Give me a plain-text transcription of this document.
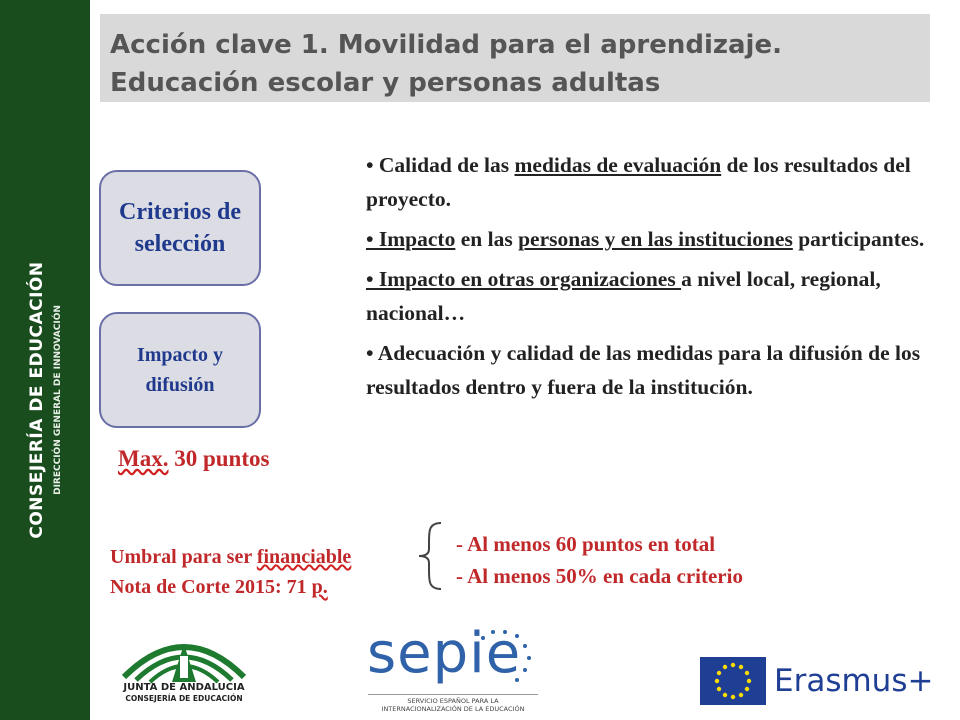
CONSEJERÍA DE EDUCACIÓN DIRECCIÓN GENERAL DE INNOVACIÓN
Acción clave 1. Movilidad para el aprendizaje. Educación escolar y personas adultas
Criterios de selección
Impacto y difusión
• Calidad de las medidas de evaluación de los resultados del proyecto.
• Impacto en las personas y en las instituciones participantes.
• Impacto en otras organizaciones a nivel local, regional, nacional…
• Adecuación y calidad de las medidas para la difusión de los resultados dentro y fuera de la institución.
Max. 30 puntos
Umbral para ser financiable
Nota de Corte 2015: 71 p.
- Al menos 60 puntos en total
- Al menos 50% en cada criterio
JUNTA DE ANDALUCIA
CONSEJERÍA DE EDUCACIÓN
sepie
SERVICIO ESPAÑOL PARA LA
INTERNACIONALIZACIÓN DE LA EDUCACIÓN
Erasmus+
